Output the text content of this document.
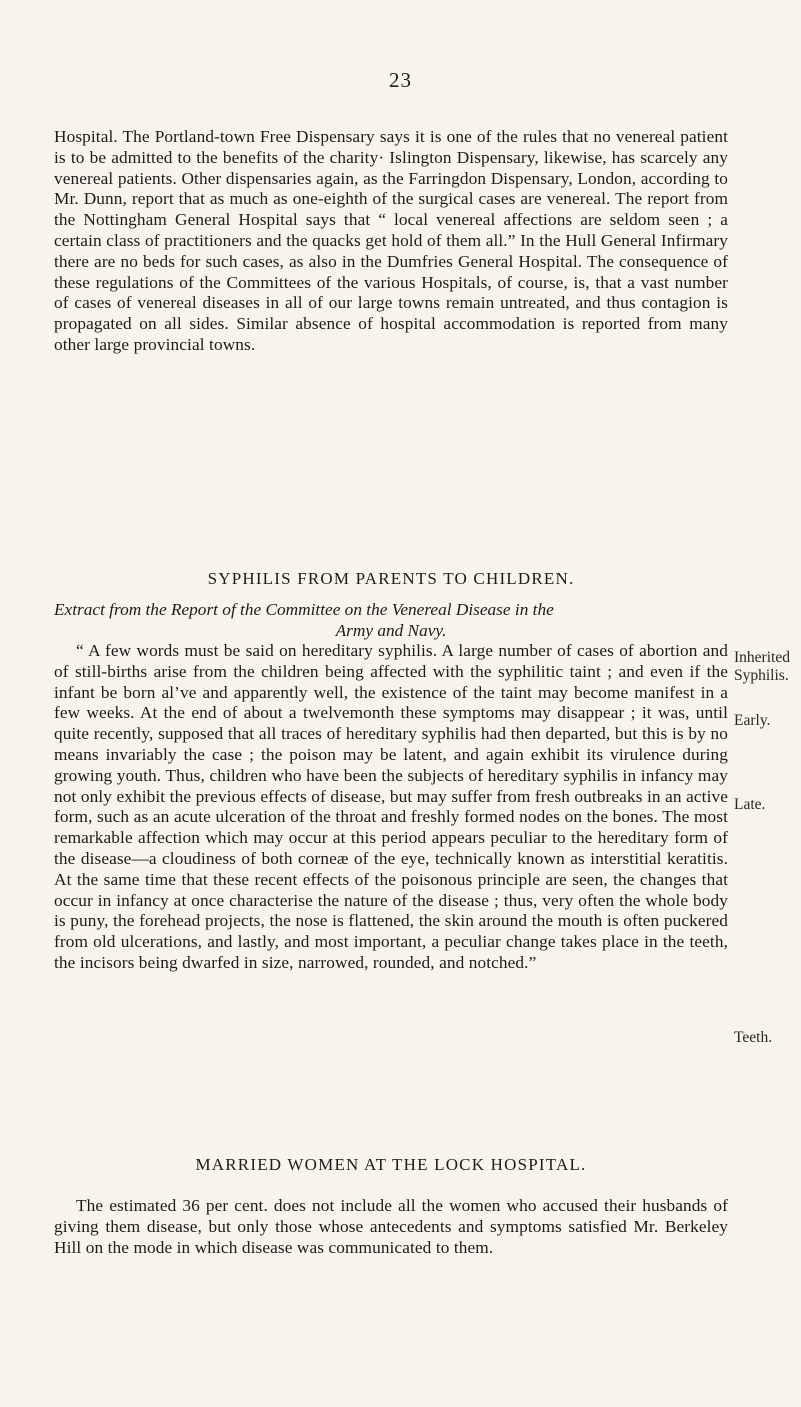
23

Hospital. The Portland-town Free Dispensary says it is one of the rules that no venereal patient is to be admitted to the benefits of the charity· Islington Dispensary, likewise, has scarcely any venereal patients. Other dispensaries again, as the Farringdon Dispensary, London, according to Mr. Dunn, report that as much as one-eighth of the surgical cases are venereal. The report from the Nottingham General Hospital says that “ local venereal affections are seldom seen ; a certain class of practitioners and the quacks get hold of them all.” In the Hull General Infirmary there are no beds for such cases, as also in the Dumfries General Hospital. The consequence of these regulations of the Committees of the various Hospitals, of course, is, that a vast number of cases of venereal diseases in all of our large towns remain untreated, and thus contagion is propagated on all sides. Similar absence of hospital accommodation is reported from many other large provincial towns.

SYPHILIS FROM PARENTS TO CHILDREN.
Extract from the Report of the Committee on the Venereal Disease in the
Army and Navy.

“ A few words must be said on hereditary syphilis. A large number of cases of abortion and of still-births arise from the children being affected with the syphilitic taint ; and even if the infant be born al’ve and apparently well, the existence of the taint may become manifest in a few weeks. At the end of about a twelvemonth these symptoms may disappear ; it was, until quite recently, supposed that all traces of hereditary syphilis had then departed, but this is by no means invariably the case ; the poison may be latent, and again exhibit its virulence during growing youth. Thus, children who have been the subjects of hereditary syphilis in infancy may not only exhibit the previous effects of disease, but may suffer from fresh outbreaks in an active form, such as an acute ulceration of the throat and freshly formed nodes on the bones. The most remarkable affection which may occur at this period appears peculiar to the hereditary form of the disease—a cloudiness of both corneæ of the eye, technically known as interstitial keratitis. At the same time that these recent effects of the poisonous principle are seen, the changes that occur in infancy at once characterise the nature of the disease ; thus, very often the whole body is puny, the forehead projects, the nose is flattened, the skin around the mouth is often puckered from old ulcerations, and lastly, and most important, a peculiar change takes place in the teeth, the incisors being dwarfed in size, narrowed, rounded, and notched.”

Inherited
Syphilis.
Early.
Late.
Teeth.
MARRIED WOMEN AT THE LOCK HOSPITAL.

The estimated 36 per cent. does not include all the women who accused their husbands of giving them disease, but only those whose antecedents and symptoms satisfied Mr. Berkeley Hill on the mode in which disease was communicated to them.
